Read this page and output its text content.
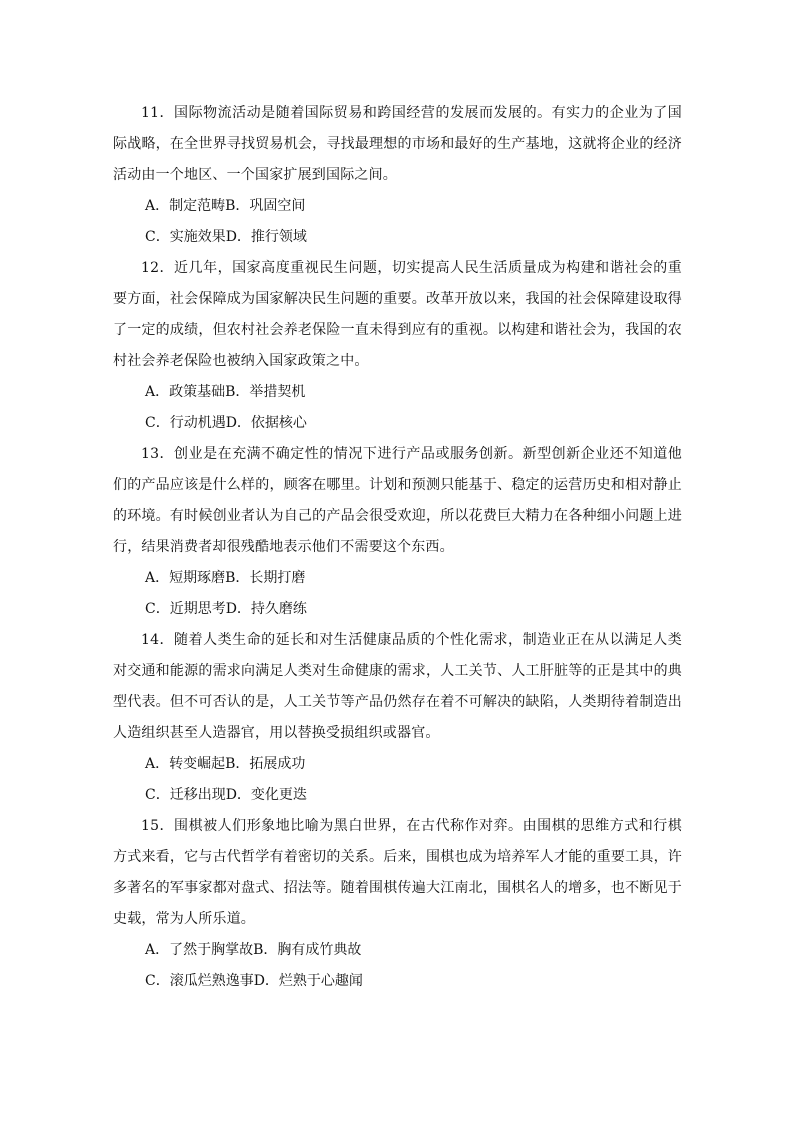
11．国际物流活动是随着国际贸易和跨国经营的发展而发展的。有实力的企业为了国际战略，在全世界寻找贸易机会，寻找最理想的市场和最好的生产基地，这就将企业的经济活动由一个地区、一个国家扩展到国际之间。

A．制定范畴B．巩固空间

C．实施效果D．推行领域

12．近几年，国家高度重视民生问题，切实提高人民生活质量成为构建和谐社会的重要方面，社会保障成为国家解决民生问题的重要。改革开放以来，我国的社会保障建设取得了一定的成绩，但农村社会养老保险一直未得到应有的重视。以构建和谐社会为，我国的农村社会养老保险也被纳入国家政策之中。

A．政策基础B．举措契机

C．行动机遇D．依据核心

13．创业是在充满不确定性的情况下进行产品或服务创新。新型创新企业还不知道他们的产品应该是什么样的，顾客在哪里。计划和预测只能基于、稳定的运营历史和相对静止的环境。有时候创业者认为自己的产品会很受欢迎，所以花费巨大精力在各种细小问题上进行，结果消费者却很残酷地表示他们不需要这个东西。

A．短期琢磨B．长期打磨

C．近期思考D．持久磨练

14．随着人类生命的延长和对生活健康品质的个性化需求，制造业正在从以满足人类对交通和能源的需求向满足人类对生命健康的需求，人工关节、人工肝脏等的正是其中的典型代表。但不可否认的是，人工关节等产品仍然存在着不可解决的缺陷，人类期待着制造出人造组织甚至人造器官，用以替换受损组织或器官。

A．转变崛起B．拓展成功

C．迁移出现D．变化更迭

15．围棋被人们形象地比喻为黑白世界，在古代称作对弈。由围棋的思维方式和行棋方式来看，它与古代哲学有着密切的关系。后来，围棋也成为培养军人才能的重要工具，许多著名的军事家都对盘式、招法等。随着围棋传遍大江南北，围棋名人的增多，也不断见于史载，常为人所乐道。

A．了然于胸掌故B．胸有成竹典故

C．滚瓜烂熟逸事D．烂熟于心趣闻
